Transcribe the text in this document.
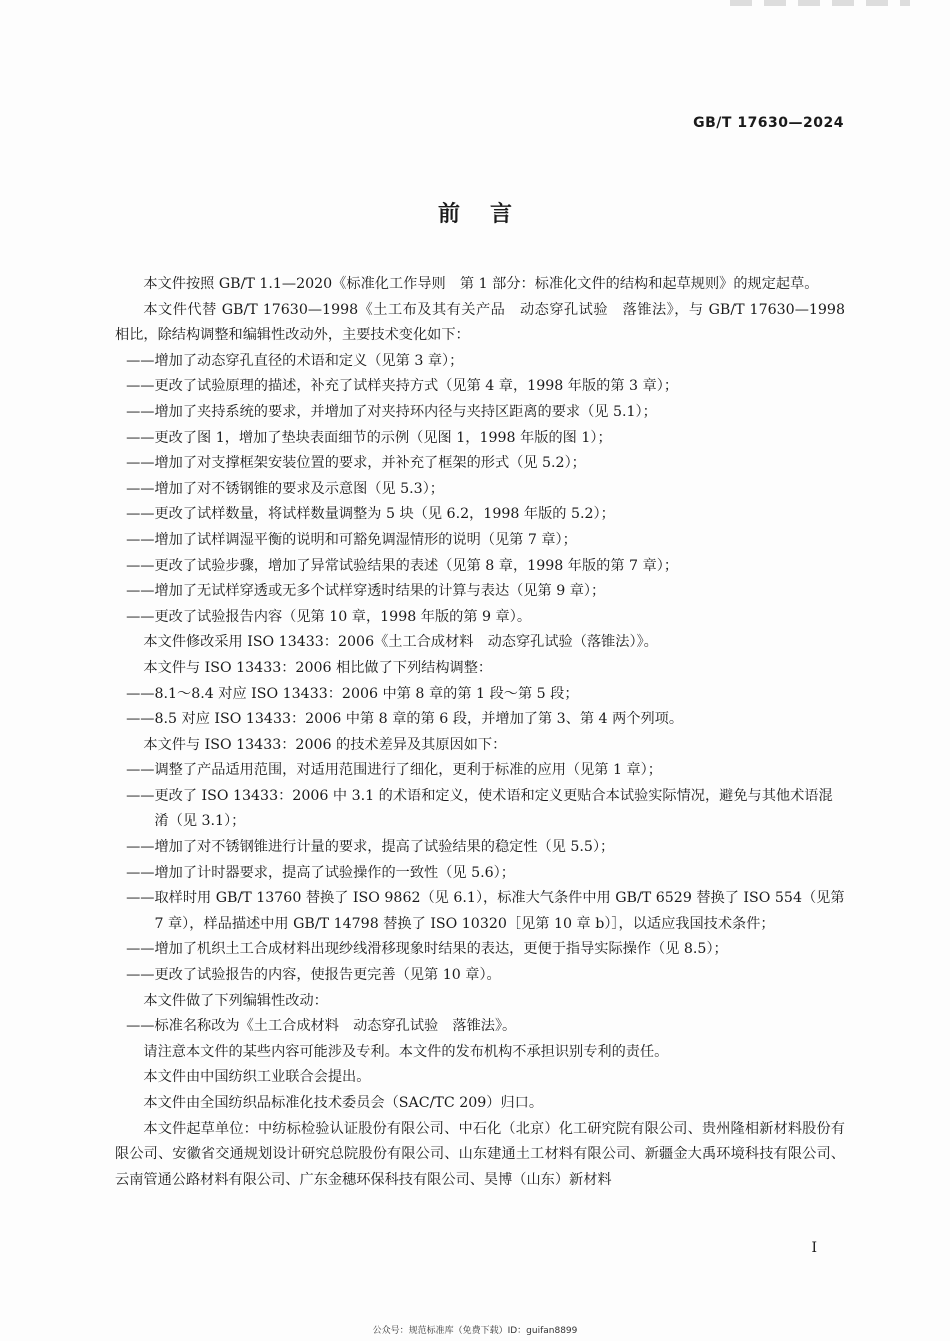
GB/T 17630—2024
前言

本文件按照 GB/T 1.1—2020《标准化工作导则　第 1 部分：标准化文件的结构和起草规则》的规定起草。

本文件代替 GB/T 17630—1998《土工布及其有关产品　动态穿孔试验　落锥法》，与 GB/T 17630—1998 相比，除结构调整和编辑性改动外，主要技术变化如下：

——增加了动态穿孔直径的术语和定义（见第 3 章）；

——更改了试验原理的描述，补充了试样夹持方式（见第 4 章，1998 年版的第 3 章）；

——增加了夹持系统的要求，并增加了对夹持环内径与夹持区距离的要求（见 5.1）；

——更改了图 1，增加了垫块表面细节的示例（见图 1，1998 年版的图 1）；

——增加了对支撑框架安装位置的要求，并补充了框架的形式（见 5.2）；

——增加了对不锈钢锥的要求及示意图（见 5.3）；

——更改了试样数量，将试样数量调整为 5 块（见 6.2，1998 年版的 5.2）；

——增加了试样调湿平衡的说明和可豁免调湿情形的说明（见第 7 章）；

——更改了试验步骤，增加了异常试验结果的表述（见第 8 章，1998 年版的第 7 章）；

——增加了无试样穿透或无多个试样穿透时结果的计算与表达（见第 9 章）；

——更改了试验报告内容（见第 10 章，1998 年版的第 9 章）。

本文件修改采用 ISO 13433：2006《土工合成材料　动态穿孔试验（落锥法）》。

本文件与 ISO 13433：2006 相比做了下列结构调整：

——8.1～8.4 对应 ISO 13433：2006 中第 8 章的第 1 段～第 5 段；

——8.5 对应 ISO 13433：2006 中第 8 章的第 6 段，并增加了第 3、第 4 两个列项。

本文件与 ISO 13433：2006 的技术差异及其原因如下：

——调整了产品适用范围，对适用范围进行了细化，更利于标准的应用（见第 1 章）；

——更改了 ISO 13433：2006 中 3.1 的术语和定义，使术语和定义更贴合本试验实际情况，避免与其他术语混淆（见 3.1）；

——增加了对不锈钢锥进行计量的要求，提高了试验结果的稳定性（见 5.5）；

——增加了计时器要求，提高了试验操作的一致性（见 5.6）；

——取样时用 GB/T 13760 替换了 ISO 9862（见 6.1），标准大气条件中用 GB/T 6529 替换了 ISO 554（见第 7 章），样品描述中用 GB/T 14798 替换了 ISO 10320［见第 10 章 b）］，以适应我国技术条件；

——增加了机织土工合成材料出现纱线滑移现象时结果的表达，更便于指导实际操作（见 8.5）；

——更改了试验报告的内容，使报告更完善（见第 10 章）。

本文件做了下列编辑性改动：

——标准名称改为《土工合成材料　动态穿孔试验　落锥法》。

请注意本文件的某些内容可能涉及专利。本文件的发布机构不承担识别专利的责任。

本文件由中国纺织工业联合会提出。

本文件由全国纺织品标准化技术委员会（SAC/TC 209）归口。

本文件起草单位：中纺标检验认证股份有限公司、中石化（北京）化工研究院有限公司、贵州隆相新材料股份有限公司、安徽省交通规划设计研究总院股份有限公司、山东建通土工材料有限公司、新疆金大禹环境科技有限公司、云南管通公路材料有限公司、广东金穗环保科技有限公司、昊博（山东）新材料

I
公众号：规范标准库（免费下载）ID：guifan8899
